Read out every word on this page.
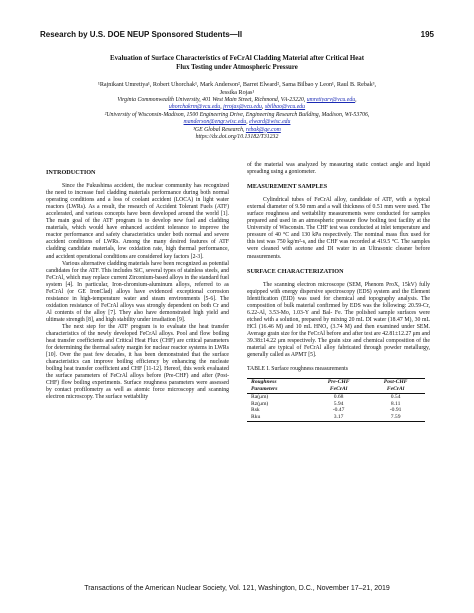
Research by U.S. DOE NEUP Sponsored Students—II	195
Evaluation of Surface Characteristics of FeCrAl Cladding Material after Critical Heat
Flux Testing under Atmospheric Pressure
¹Rajnikant Umretiya¹, Robert Uhorchak¹, Mark Anderson², Barret Elward², Sama Bilbao y Leon¹, Raul B. Rebak³,
Jessika Rojas¹
Virginia Commonwealth University, 401 West Main Street, Richmond, VA-23220, umretiyarv@vcu.edu,
uhorchakrm@vcu.edu, jrrojas@vcu.edu, sbilbao@vcu.edu
²University of Wisconsin-Madison, 1500 Engineering Drive, Engineering Research Building, Madison, WI-53706,
manderson@engr.wisc.edu, elward@wisc.edu
³GE Global Research, rebak@ge.com
https://dx.doi.org/10.13182/T31232
INTRODUCTION

Since the Fukushima accident, the nuclear community has recognized the need to increase fuel cladding materials performance during both normal operating conditions and a loss of coolant accident (LOCA) in light water reactors (LWRs). As a result, the research of Accident Tolerant Fuels (ATF) accelerated, and various concepts have been developed around the world [1]. The main goal of the ATF program is to develop new fuel and cladding materials, which would have enhanced accident tolerance to improve the reactor performance and safety characteristics under both normal and severe accident conditions of LWRs. Among the many desired features of ATF cladding candidate materials, low oxidation rate, high thermal performance, and accident operational conditions are considered key factors [2-3].

Various alternative cladding materials have been recognized as potential candidates for the ATF. This includes SiC, several types of stainless steels, and FeCrAl, which may replace current Zirconium-based alloys in the standard fuel system [4]. In particular, Iron-chromium-aluminum alloys, referred to as FeCrAl (or GE IronClad) alloys have evidenced exceptional corrosion resistance in high-temperature water and steam environments [5-6]. The oxidation resistance of FeCrAl alloys was strongly dependent on both Cr and Al contents of the alloy [7]. They also have demonstrated high yield and ultimate strength [8], and high stability under irradiation [9].

The next step for the ATF program is to evaluate the heat transfer characteristics of the newly developed FeCrAl alloys. Pool and flow boiling heat transfer coefficients and Critical Heat Flux (CHF) are critical parameters for determining the thermal safety margin for nuclear reactor systems in LWRs [10]. Over the past few decades, it has been demonstrated that the surface characteristics can improve boiling efficiency by enhancing the nucleate boiling heat transfer coefficient and CHF [11-12]. Hereof, this work evaluated the surface parameters of FeCrAl alloys before (Pre-CHF) and after (Post-CHF) flow boiling experiments. Surface roughness parameters were assessed by contact profilometry as well as atomic force microscopy and scanning electron microscopy. The surface wettability

of the material was analyzed by measuring static contact angle and liquid spreading using a goniometer.

MEASUREMENT SAMPLES

Cylindrical tubes of FeCrAl alloy, candidate of ATF, with a typical external diameter of 9.50 mm and a wall thickness of 0.51 mm were used. The surface roughness and wettability measurements were conducted for samples prepared and used in an atmospheric pressure flow boiling test facility at the University of Wisconsin. The CHF test was conducted at inlet temperature and pressure of 40 °C and 130 kPa respectively. The nominal mass flux used for this test was 750 kg/m²-s, and the CHF was recorded at 419.5 °C. The samples were cleaned with acetone and DI water in an Ultrasonic cleaner before measurements.

SURFACE CHARACTERIZATION

The scanning electron microscope (SEM, Phenom ProX, 15kV) fully equipped with energy dispersive spectroscopy (EDS) system and the Element Identification (EID) was used for chemical and topography analysis. The composition of bulk material confirmed by EDS was the following: 20.59-Cr, 6.22-Al, 3.53-Mo, 1.03-Y and Bal- Fe. The polished sample surfaces were etched with a solution, prepared by mixing 20 mL DI water (18.47 M), 30 mL HCl (16.46 M) and 10 mL HNO₃ (3.74 M) and then examined under SEM. Average grain size for the FeCrAl before and after test are 42.81±12.27 μm and 39.38±14.22 μm respectively. The grain size and chemical composition of the material are typical of FeCrAl alloy fabricated through powder metallurgy, generally called as APMT [5].

TABLE I. Surface roughness measurements

Roughness	Pre-CHF	Post-CHF
Parameters	FeCrAl	FeCrAl
Ra(μm)	0.68	0.54
Rz(μm)	5.94	8.11
Rsk	-0.47	-0.91
Rku	3.17	7.59
Transactions of the American Nuclear Society, Vol. 121, Washington, D.C., November 17–21, 2019
